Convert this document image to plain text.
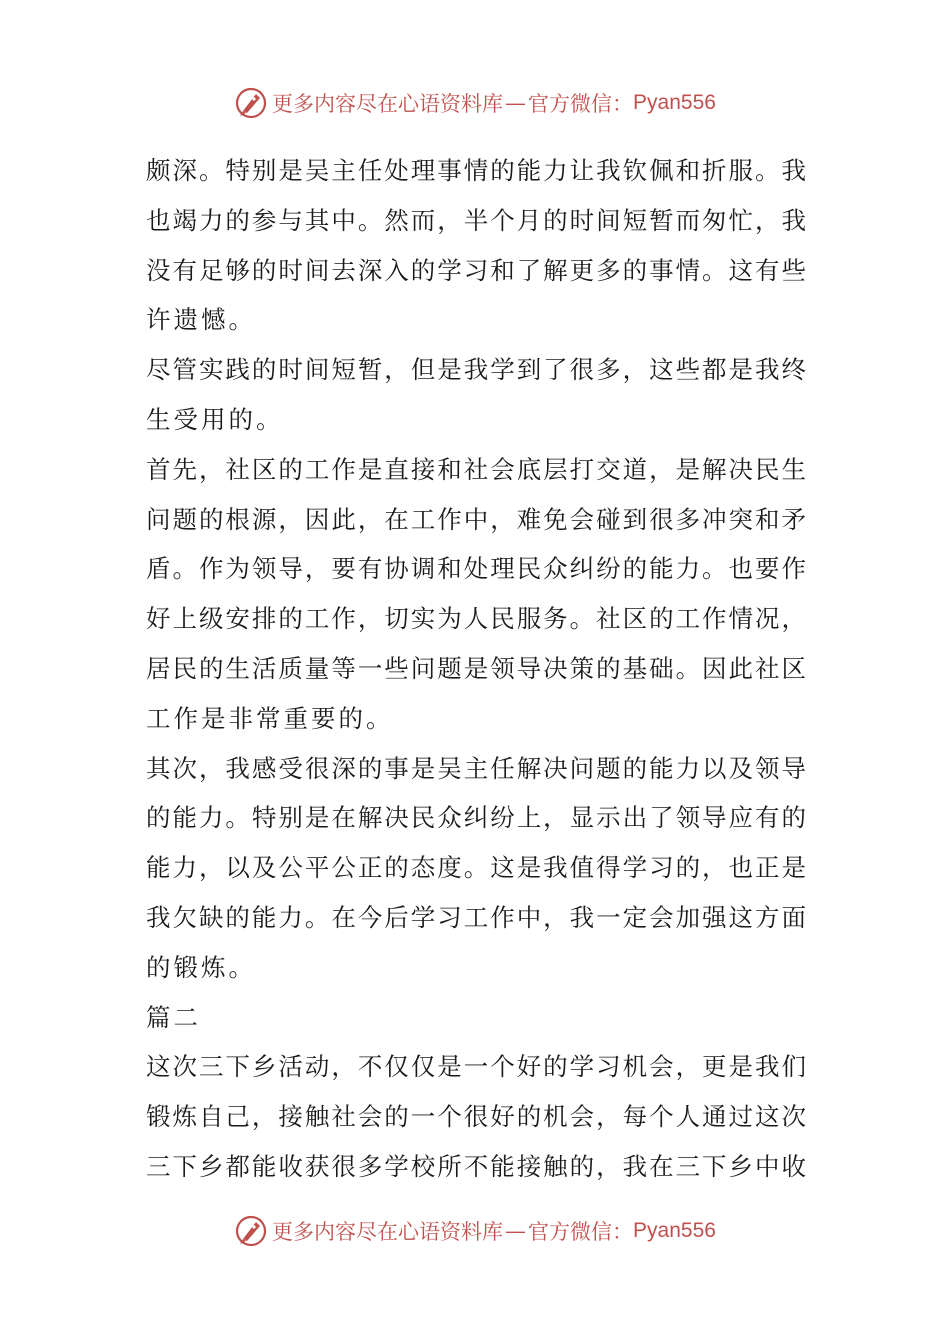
更多内容尽在心语资料库 — 官方微信： Pyan556
颇深。特别是吴主任处理事情的能力让我钦佩和折服。我
也竭力的参与其中。然而，半个月的时间短暂而匆忙，我
没有足够的时间去深入的学习和了解更多的事情。这有些
许遗憾。
尽管实践的时间短暂，但是我学到了很多，这些都是我终
生受用的。
首先，社区的工作是直接和社会底层打交道，是解决民生
问题的根源，因此，在工作中，难免会碰到很多冲突和矛
盾。作为领导，要有协调和处理民众纠纷的能力。也要作
好上级安排的工作，切实为人民服务。社区的工作情况，
居民的生活质量等一些问题是领导决策的基础。因此社区
工作是非常重要的。
其次，我感受很深的事是吴主任解决问题的能力以及领导
的能力。特别是在解决民众纠纷上，显示出了领导应有的
能力，以及公平公正的态度。这是我值得学习的，也正是
我欠缺的能力。在今后学习工作中，我一定会加强这方面
的锻炼。
篇二
这次三下乡活动，不仅仅是一个好的学习机会，更是我们
锻炼自己，接触社会的一个很好的机会，每个人通过这次
三下乡都能收获很多学校所不能接触的，我在三下乡中收
更多内容尽在心语资料库 — 官方微信： Pyan556
